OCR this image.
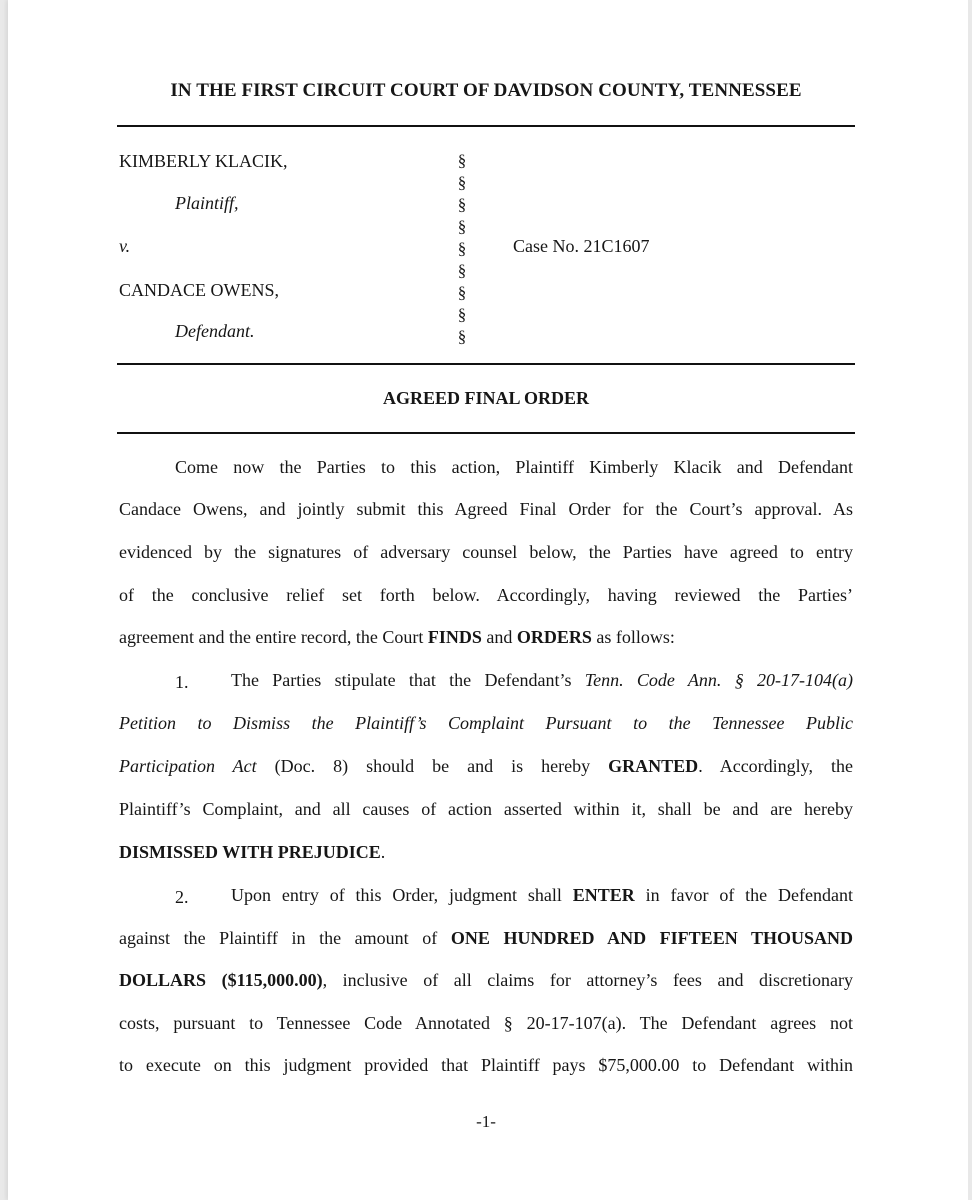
IN THE FIRST CIRCUIT COURT OF DAVIDSON COUNTY, TENNESSEE
KIMBERLY KLACIK,
Plaintiff,
v.
CANDACE OWENS,
Defendant.
Case No. 21C1607
§
§
§
§
§
§
§
§
§
AGREED FINAL ORDER
Come now the Parties to this action, Plaintiff Kimberly Klacik and Defendant
Candace Owens, and jointly submit this Agreed Final Order for the Court’s approval. As
evidenced by the signatures of adversary counsel below, the Parties have agreed to entry
of the conclusive relief set forth below. Accordingly, having reviewed the Parties’
agreement and the entire record, the Court FINDS and ORDERS as follows:
1. The Parties stipulate that the Defendant’s Tenn. Code Ann. § 20-17-104(a)
Petition to Dismiss the Plaintiff’s Complaint Pursuant to the Tennessee Public
Participation Act (Doc. 8) should be and is hereby GRANTED. Accordingly, the
Plaintiff’s Complaint, and all causes of action asserted within it, shall be and are hereby
DISMISSED WITH PREJUDICE.
2. Upon entry of this Order, judgment shall ENTER in favor of the Defendant
against the Plaintiff in the amount of ONE HUNDRED AND FIFTEEN THOUSAND
DOLLARS ($115,000.00), inclusive of all claims for attorney’s fees and discretionary
costs, pursuant to Tennessee Code Annotated § 20-17-107(a). The Defendant agrees not
to execute on this judgment provided that Plaintiff pays $75,000.00 to Defendant within
-1-
